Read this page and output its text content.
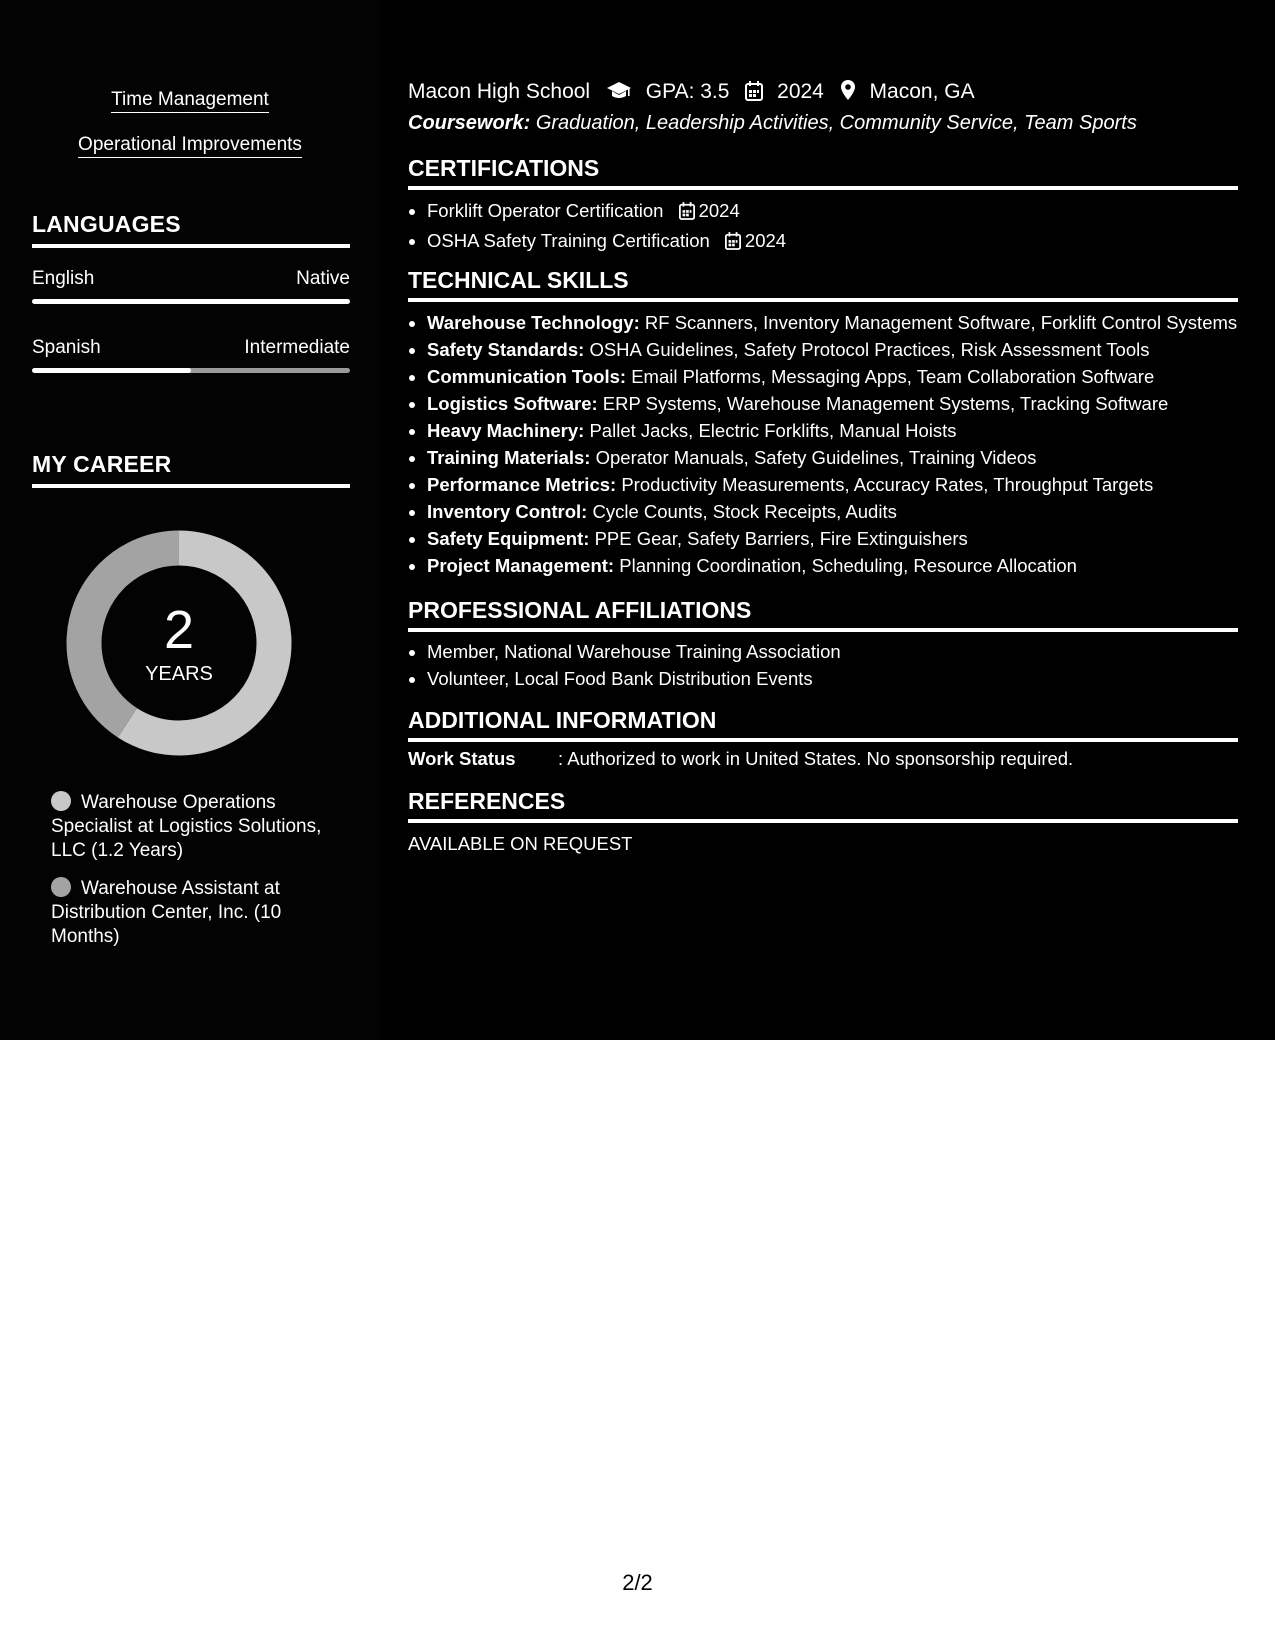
Time Management
Operational Improvements
LANGUAGES
English	Native
Spanish	Intermediate
MY CAREER
2
YEARS
Warehouse Operations Specialist at Logistics Solutions, LLC (1.2 Years)
Warehouse Assistant at Distribution Center, Inc. (10 Months)
Macon High School	GPA: 3.5 2024 Macon, GA
Coursework: Graduation, Leadership Activities, Community Service, Team Sports
CERTIFICATIONS
• Forklift Operator Certification 2024
• OSHA Safety Training Certification 2024
TECHNICAL SKILLS
• Warehouse Technology: RF Scanners, Inventory Management Software, Forklift Control Systems
• Safety Standards: OSHA Guidelines, Safety Protocol Practices, Risk Assessment Tools
• Communication Tools: Email Platforms, Messaging Apps, Team Collaboration Software
• Logistics Software: ERP Systems, Warehouse Management Systems, Tracking Software
• Heavy Machinery: Pallet Jacks, Electric Forklifts, Manual Hoists
• Training Materials: Operator Manuals, Safety Guidelines, Training Videos
• Performance Metrics: Productivity Measurements, Accuracy Rates, Throughput Targets
• Inventory Control: Cycle Counts, Stock Receipts, Audits
• Safety Equipment: PPE Gear, Safety Barriers, Fire Extinguishers
• Project Management: Planning Coordination, Scheduling, Resource Allocation
PROFESSIONAL AFFILIATIONS
• Member, National Warehouse Training Association
• Volunteer, Local Food Bank Distribution Events
ADDITIONAL INFORMATION
Work Status : Authorized to work in United States. No sponsorship required.
REFERENCES
AVAILABLE ON REQUEST
2/2
